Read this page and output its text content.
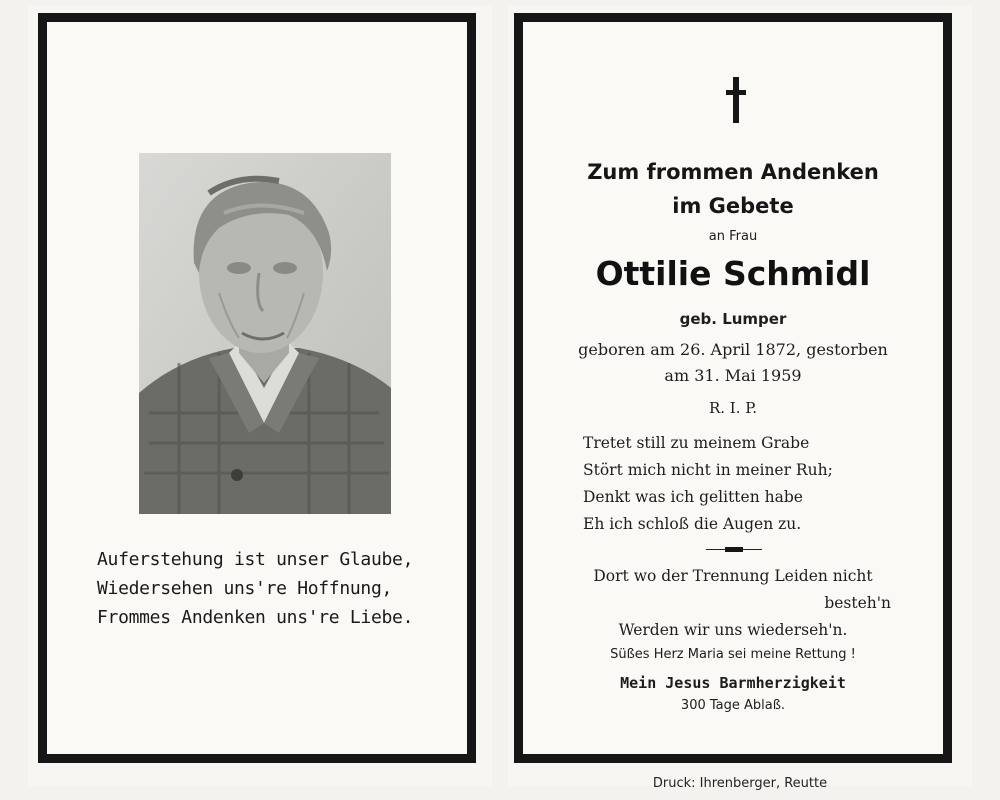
Auferstehung ist unser Glaube,
Wiedersehen uns're Hoffnung,
Frommes Andenken uns're Liebe.
Zum frommen Andenken
im Gebete
an Frau
Ottilie Schmidl
geb. Lumper
geboren am 26. April 1872, gestorben
am 31. Mai 1959
R. I. P.
Tretet still zu meinem Grabe
Stört mich nicht in meiner Ruh;
Denkt was ich gelitten habe
Eh ich schloß die Augen zu.
Dort wo der Trennung Leiden nicht
besteh'n
Werden wir uns wiederseh'n.
Süßes Herz Maria sei meine Rettung !
Mein Jesus Barmherzigkeit
300 Tage Ablaß.
Druck: Ihrenberger, Reutte
